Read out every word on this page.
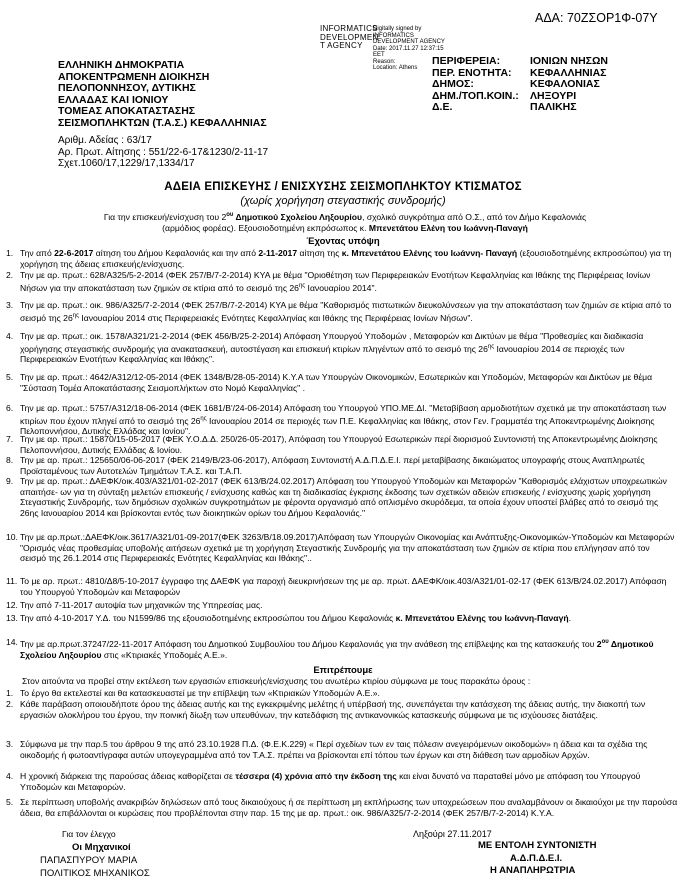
ΑΔΑ: 70ΖΣΟΡ1Φ-07Υ
INFORMATICS
DEVELOPMEN
T AGENCY
Digitally signed by
INFORMATICS
DEVELOPMENT AGENCY
Date: 2017.11.27 12:37:15
EET
Reason:
Location: Athens
ΕΛΛΗΝΙΚΗ ΔΗΜΟΚΡΑΤΙΑ
ΑΠΟΚΕΝΤΡΩΜΕΝΗ ΔΙΟΙΚΗΣΗ
ΠΕΛΟΠΟΝΝΗΣΟΥ, ΔΥΤΙΚΗΣ
ΕΛΛΑΔΑΣ ΚΑΙ ΙΟΝΙΟΥ
ΤΟΜΕΑΣ ΑΠΟΚΑΤΑΣΤΑΣΗΣ
ΣΕΙΣΜΟΠΛΗΚΤΩΝ (Τ.Α.Σ.) ΚΕΦΑΛΛΗΝΙΑΣ
ΠΕΡΙΦΕΡΕΙΑ:	ΙΟΝΙΩΝ ΝΗΣΩΝ
ΠΕΡ. ΕΝΟΤΗΤΑ:	ΚΕΦΑΛΛΗΝΙΑΣ
ΔΗΜΟΣ:	ΚΕΦΑΛΟΝΙΑΣ
ΔΗΜ./ΤΟΠ.ΚΟΙΝ.:	ΛΗΞΟΥΡΙ
Δ.Ε.	ΠΑΛΙΚΗΣ
Αριθμ. Αδείας : 63/17
Αρ. Πρωτ. Αίτησης : 551/22-6-17&1230/2-11-17
Σχετ.1060/17,1229/17,1334/17
ΑΔΕΙΑ ΕΠΙΣΚΕΥΗΣ / ΕΝΙΣΧΥΣΗΣ ΣΕΙΣΜΟΠΛΗΚΤΟΥ ΚΤΙΣΜΑΤΟΣ
(χωρίς χορήγηση στεγαστικής συνδρομής)
Για την επισκευή/ενίσχυση του $2^{o\upsilon}$ Δημοτικού Σχολείου Ληξουρίου, σχολικό συγκρότημα από Ο.Σ., από τον Δήμο Κεφαλονιάς
(αρμόδιος φορέας). Εξουσιοδοτημένη εκπρόσωπος κ. Μπενετάτου Ελένη του Ιωάννη-Παναγή
Έχοντας υπόψη
1. Την από 22-6-2017 αίτηση του Δήμου Κεφαλονιάς και την από 2-11-2017 αίτηση της κ. Μπενετάτου Ελένης του Ιωάννη- Παναγή (εξουσιοδοτημένης εκπροσώπου) για τη χορήγηση της άδειας επισκευής/ενίσχυσης.
2. Την με αρ. πρωτ.: 628/Α325/5-2-2014 (ΦΕΚ 257/Β/7-2-2014) ΚΥΑ με θέμα "Οριοθέτηση των Περιφερειακών Ενοτήτων Κεφαλληνίας και Ιθάκης της Περιφέρειας Ιονίων Νήσων για την αποκατάσταση των ζημιών σε κτίρια από το σεισμό της $26^{\eta\varsigma}$ Ιανουαρίου 2014".
3. Την με αρ. πρωτ.: οικ. 986/Α325/7-2-2014 (ΦΕΚ 257/Β/7-2-2014) ΚΥΑ με θέμα "Καθορισμός πιστωτικών διευκολύνσεων για την αποκατάσταση των ζημιών σε κτίρια από το σεισμό της $26^{\eta\varsigma}$ Ιανουαρίου 2014 στις Περιφερειακές Ενότητες Κεφαλληνίας και Ιθάκης της Περιφέρειας Ιονίων Νήσων".
4. Την με αρ. πρωτ.: οικ. 1578/Α321/21-2-2014 (ΦΕΚ 456/Β/25-2-2014) Απόφαση Υπουργού Υποδομών , Μεταφορών και Δικτύων με θέμα "Προθεσμίες και διαδικασία χορήγησης στεγαστικής συνδρομής για ανακατασκευή, αυτοστέγαση και επισκευή κτιρίων πληγέντων από το σεισμό της $26^{\eta\varsigma}$ Ιανουαρίου 2014 σε περιοχές των Περιφερειακών Ενοτήτων Κεφαλληνίας και Ιθάκης".
5. Την με αρ. πρωτ.: 4642/Α312/12-05-2014 (ΦΕΚ 1348/Β/28-05-2014) Κ.Υ.Α των Υπουργών Οικονομικών, Εσωτερικών και Υποδομών, Μεταφορών και Δικτύων με θέμα "Σύσταση Τομέα Αποκατάστασης Σεισμοπλήκτων στο Νομό Κεφαλληνίας" .
6. Την με αρ. πρωτ.: 5757/Α312/18-06-2014 (ΦΕΚ 1681/Β'/24-06-2014) Απόφαση του Υπουργού ΥΠΟ.ΜΕ.ΔΙ. "Μεταβίβαση αρμοδιοτήτων σχετικά με την αποκατάσταση των κτιρίων που έχουν πληγεί από το σεισμό της $26^{\eta\varsigma}$ Ιανουαρίου 2014 σε περιοχές των Π.Ε. Κεφαλληνίας και Ιθάκης, στον Γεν. Γραμματέα της Αποκεντρωμένης Διοίκησης Πελοποννήσου, Δυτικής Ελλάδας και Ιονίου".
7. Την με αρ. πρωτ.: 15870/15-05-2017 (ΦΕΚ Υ.Ο.Δ.Δ. 250/26-05-2017), Απόφαση του Υπουργού Εσωτερικών περί διορισμού Συντονιστή της Αποκεντρωμένης Διοίκησης Πελοποννήσου, Δυτικής Ελλάδας & Ιονίου.
8. Την με αρ. πρωτ.: 125650/06-06-2017 (ΦΕΚ 2149/Β/23-06-2017), Απόφαση Συντονιστή Α.Δ.Π.Δ.Ε.Ι. περί μεταβίβασης δικαιώματος υπογραφής στους Αναπληρωτές Προϊσταμένους των Αυτοτελών Τμημάτων Τ.Α.Σ. και Τ.Α.Π.
9. Την με αρ. πρωτ.: ΔΑΕΦΚ/οικ.403/Α321/01-02-2017 (ΦΕΚ 613/Β/24.02.2017) Απόφαση του Υπουργού Υποδομών και Μεταφορών "Καθορισμός ελάχιστων υποχρεωτικών απαιτήσε- ων για τη σύνταξη μελετών επισκευής / ενίσχυσης καθώς και τη διαδικασίας έγκρισης έκδοσης των σχετικών αδειών επισκευής / ενίσχυσης χωρίς χορήγηση Στεγαστικής Συνδρομής, των δημόσιων σχολικών συγκροτημάτων με φέροντα οργανισμό από οπλισμένο σκυρόδεμα, τα οποία έχουν υποστεί βλάβες από το σεισμό της 26ης Ιανουαρίου 2014 και βρίσκονται εντός των διοικητικών ορίων του Δήμου Κεφαλονιάς."
10. Την με αρ.πρωτ.:ΔΑΕΦΚ/οικ.3617/Α321/01-09-2017(ΦΕΚ 3263/Β/18.09.2017)Απόφαση των Υπουργών Οικονομίας και Ανάπτυξης-Οικονομικών-Υποδομών και Μεταφορών "Ορισμός νέας προθεσμίας υποβολής αιτήσεων σχετικά με τη χορήγηση Στεγαστικής Συνδρομής για την αποκατάσταση των ζημιών σε κτίρια που επλήγησαν από τον σεισμό της 26.1.2014 στις Περιφερειακές Ενότητες Κεφαλληνίας και Ιθάκης"..
11. Το με αρ. πρωτ.: 4810/Δ8/5-10-2017 έγγραφο της ΔΑΕΦΚ για παροχή διευκρινήσεων της με αρ. πρωτ. ΔΑΕΦΚ/οικ.403/Α321/01-02-17 (ΦΕΚ 613/Β/24.02.2017) Απόφαση του Υπουργού Υποδομών και Μεταφορών
12. Την από 7-11-2017 αυτοψία των μηχανικών της Υπηρεσίας μας.
13. Την από 4-10-2017 Υ.Δ. του Ν1599/86 της εξουσιοδοτημένης εκπροσώπου του Δήμου Κεφαλονιάς κ. Μπενετάτου Ελένης του Ιωάννη-Παναγή.
14. Την με αρ.πρωτ.37247/22-11-2017 Απόφαση του Δημοτικού Συμβουλίου του Δήμου Κεφαλονιάς για την ανάθεση της επίβλεψης και της κατασκευής του $2^{o\upsilon}$ Δημοτικού Σχολείου Ληξουρίου στις «Κτιριακές Υποδομές Α.Ε.».
Επιτρέπουμε
Στον αιτούντα να προβεί στην εκτέλεση των εργασιών επισκευής/ενίσχυσης του ανωτέρω κτιρίου σύμφωνα με τους παρακάτω όρους :
1. Το έργο θα εκτελεστεί και θα κατασκευαστεί με την επίβλεψη των «Κτιριακών Υποδομών Α.Ε.».
2. Κάθε παράβαση οποιουδήποτε όρου της άδειας αυτής και της εγκεκριμένης μελέτης ή υπέρβασή της, συνεπάγεται την κατάσχεση της άδειας αυτής, την διακοπή των εργασιών ολοκλήρου του έργου, την ποινική δίωξη των υπευθύνων, την κατεδάφιση της αντικανονικώς κατασκευής σύμφωνα με τις ισχύουσες διατάξεις.
3. Σύμφωνα με την παρ.5 του άρθρου 9 της από 23.10.1928 Π.Δ. (Φ.Ε.Κ.229) « Περί σχεδίων των εν ταις πόλεσιν ανεγειρόμενων οικοδομών» η άδεια και τα σχέδια της οικοδομής ή φωτοαντίγραφα αυτών υπογεγραμμένα από τον Τ.Α.Σ. πρέπει να βρίσκονται επί τόπου των έργων και στη διάθεση των αρμοδίων Αρχών.
4. Η χρονική διάρκεια της παρούσας άδειας καθορίζεται σε τέσσερα (4) χρόνια από την έκδοση της και είναι δυνατό να παραταθεί μόνο με απόφαση του Υπουργού Υποδομών και Μεταφορών.
5. Σε περίπτωση υποβολής ανακριβών δηλώσεων από τους δικαιούχους ή σε περίπτωση μη εκπλήρωσης των υποχρεώσεων που αναλαμβάνουν οι δικαιούχοι με την παρούσα άδεια, θα επιβάλλονται οι κυρώσεις που προβλέπονται στην παρ. 15 της με αρ. πρωτ.: οικ. 986/Α325/7-2-2014 (ΦΕΚ 257/Β/7-2-2014) Κ.Υ.Α.
Για τον έλεγχο
Οι Μηχανικοί
ΠΑΠΑΣΠΥΡΟΥ ΜΑΡΙΑ
ΠΟΛΙΤΙΚΟΣ ΜΗΧΑΝΙΚΟΣ
Ληξούρι 27.11.2017
ΜΕ ΕΝΤΟΛΗ ΣΥΝΤΟΝΙΣΤΗ
Α.Δ.Π.Δ.Ε.Ι.
Η ΑΝΑΠΛΗΡΩΤΡΙΑ
